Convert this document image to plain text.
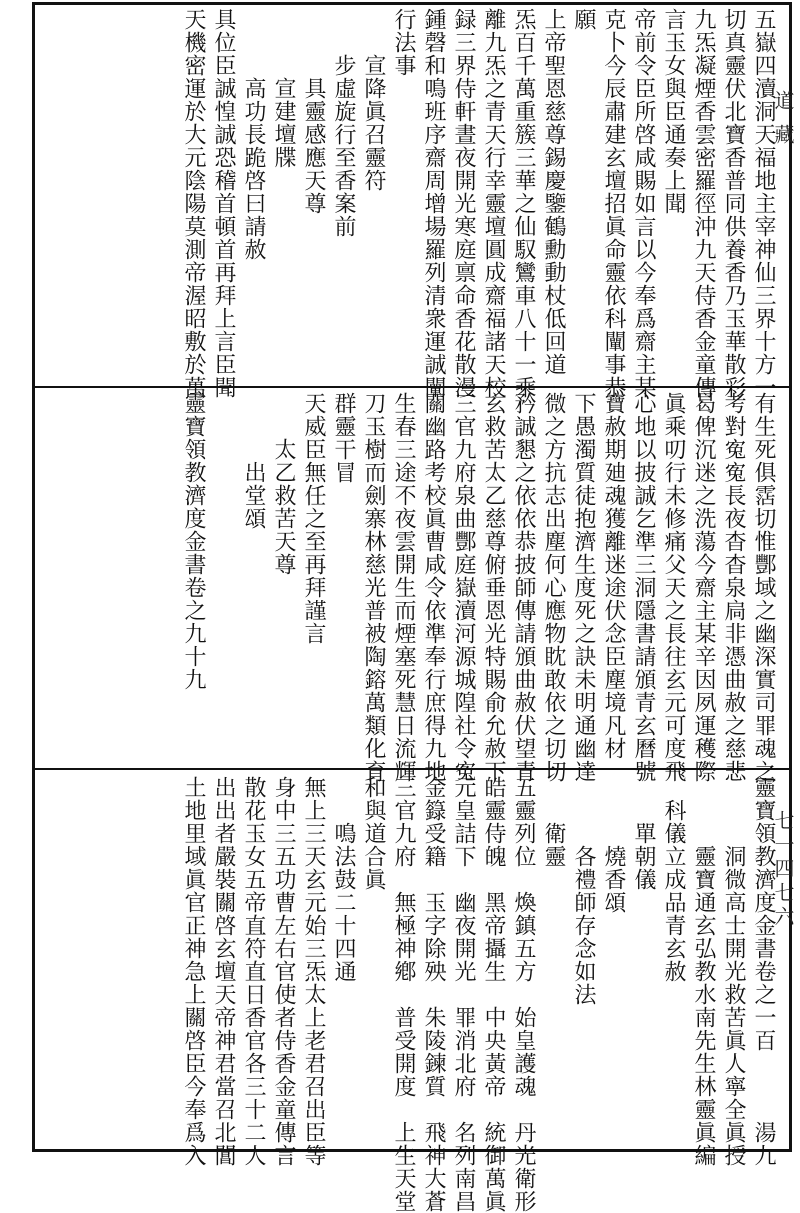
道藏
七一四七六
五嶽四瀆洞天福地主宰神仙三界十方一
切真靈伏北寶香普同供養香乃玉華散彩
九炁凝煙香雲密羅徑沖九天侍香金童傳
言玉女與臣通奏上聞
帝前令臣所啓咸賜如言以今奉爲齋主某
克卜今辰肅建玄壇招眞命靈依科闡事恭
願
上帝聖恩慈尊錫慶鑒鶴勳動杖低回道
炁百千萬重簇三華之仙馭鸞車八十一乘
離九炁之青天行幸靈壇圓成齋福諸天校
録三界侍軒晝夜開光寒庭禀命香花散漫
鍾磬和鳴班序齋周增場羅列清衆運誠闡
行法事
　　宣降眞召靈符
　　步虛旋行至香案前
　　　具靈感應天尊
　　　宣建壇牒
　　　高功長跪啓曰請赦
具位臣誠惶誠恐稽首頓首再拜上言臣聞
天機密運於大元陰陽莫測帝渥昭敷於萬
有生死俱霑切惟酆域之幽深實司罪魂之
考對寃寃長夜杳杳泉扃非憑曲赦之慈悲
曷俾沉迷之洗蕩今齋主某辛因夙運穫際
眞乘叨行未修痛父天之長往玄元可度飛
心地以披誠乞準三洞隱書請頒青玄曆號
寶赦期廸魂獲離迷途伏念臣塵境凡材
下愚濁質徒抱濟生度死之訣未明通幽達
微之方抗志出塵何心應物眈敢依之切切
矜誠懇之依依恭披師傳請頒曲赦伏望青
玄救苦太乙慈尊俯垂恩光特賜俞允赦下
三官九府泉曲酆庭嶽瀆河源城隍社令寃
關幽路考校眞曹咸令依準奉行庶得九地
生春三途不夜雲開生而煙塞死慧日流輝
刀玉樹而劍寨林慈光普被陶鎔萬類化育
群靈干冒
天威臣無任之至再拜謹言
　　太乙救苦天尊
　　　出堂頌
靈寶領教濟度金書卷之九十九
靈寶領教濟度金書卷之一百　　　湯九
　　　洞微高士開光救苦眞人寧全眞授
　　　靈寶通玄弘教水南先生林靈眞編
　科儀立成品青玄赦
　　單朝儀
　　　燒香頌
　　　各禮師存念如法
　　衛靈
五靈列位　煥鎮五方　始皇護魂　丹光衛形
皓靈侍魄　黑帝攝生　中央黃帝　統御萬眞
元皇詰下　幽夜開光　罪消北府　名列南昌
金籙受籍　玉字除殃　朱陵鍊質　飛神大蒼
三官九府　無極神鄕　普受開度　上生天堂
和與道合眞
　　鳴法鼓二十四通
無上三天玄元始三炁太上老君召出臣等
身中三五功曹左右官使者侍香金童傳言
散花玉女五帝直符直日香官各三十二人
出出者嚴裝關啓玄壇天帝神君當召北閶
土地里域眞官正神急上關啓臣今奉爲入
